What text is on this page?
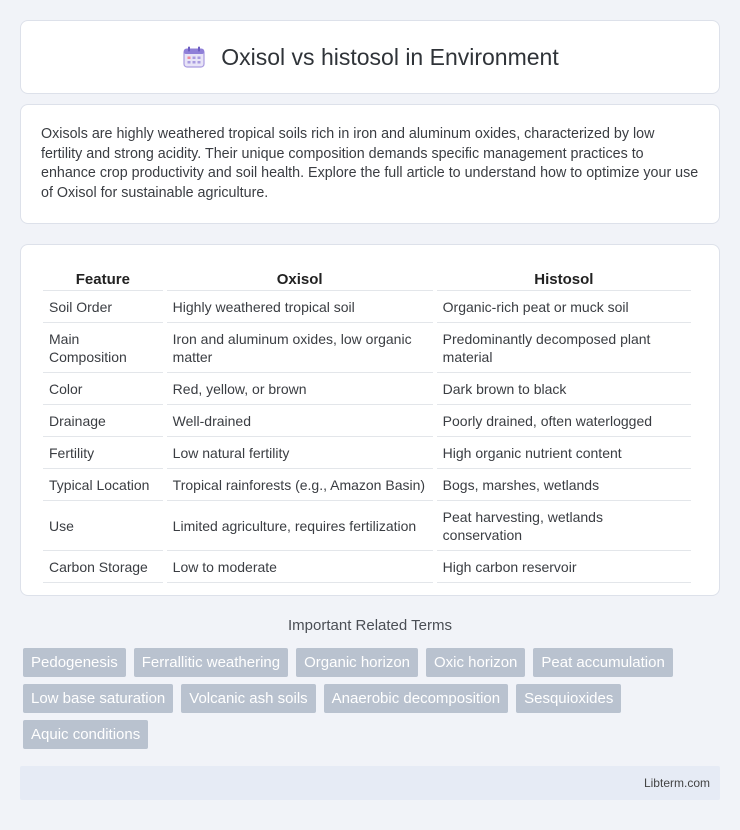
Oxisol vs histosol in Environment

Oxisols are highly weathered tropical soils rich in iron and aluminum oxides, characterized by low fertility and strong acidity. Their unique composition demands specific management practices to enhance crop productivity and soil health. Explore the full article to understand how to optimize your use of Oxisol for sustainable agriculture.

Feature	Oxisol	Histosol
Soil Order	Highly weathered tropical soil	Organic-rich peat or muck soil
Main Composition	Iron and aluminum oxides, low organic matter	Predominantly decomposed plant material
Color	Red, yellow, or brown	Dark brown to black
Drainage	Well-drained	Poorly drained, often waterlogged
Fertility	Low natural fertility	High organic nutrient content
Typical Location	Tropical rainforests (e.g., Amazon Basin)	Bogs, marshes, wetlands
Use	Limited agriculture, requires fertilization	Peat harvesting, wetlands conservation
Carbon Storage	Low to moderate	High carbon reservoir
Important Related Terms
Pedogenesis	Ferrallitic weathering	Organic horizon	Oxic horizon	Peat accumulation
Low base saturation	Volcanic ash soils	Anaerobic decomposition	Sesquioxides
Aquic conditions
Libterm.com
